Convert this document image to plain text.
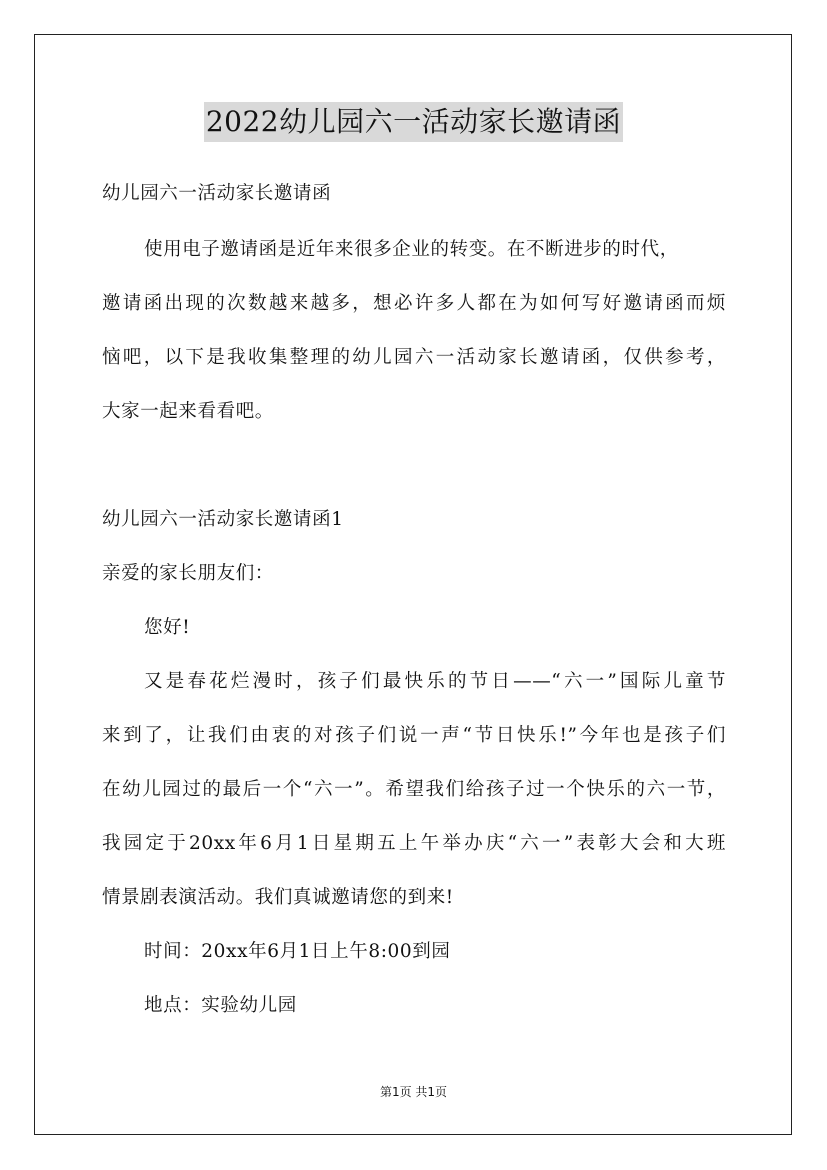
2022幼儿园六一活动家长邀请函
幼儿园六一活动家长邀请函
使用电子邀请函是近年来很多企业的转变。在不断进步的时代，
邀请函出现的次数越来越多，想必许多人都在为如何写好邀请函而烦
恼吧，以下是我收集整理的幼儿园六一活动家长邀请函，仅供参考，
大家一起来看看吧。
幼儿园六一活动家长邀请函1
亲爱的家长朋友们：
您好!
又是春花烂漫时，孩子们最快乐的节日——“六一”国际儿童节
来到了，让我们由衷的对孩子们说一声“节日快乐!”今年也是孩子们
在幼儿园过的最后一个“六一”。希望我们给孩子过一个快乐的六一节，
我园定于20xx年6月1日星期五上午举办庆“六一”表彰大会和大班
情景剧表演活动。我们真诚邀请您的到来!
时间：20xx年6月1日上午8:00到园
地点：实验幼儿园
第1页 共1页
